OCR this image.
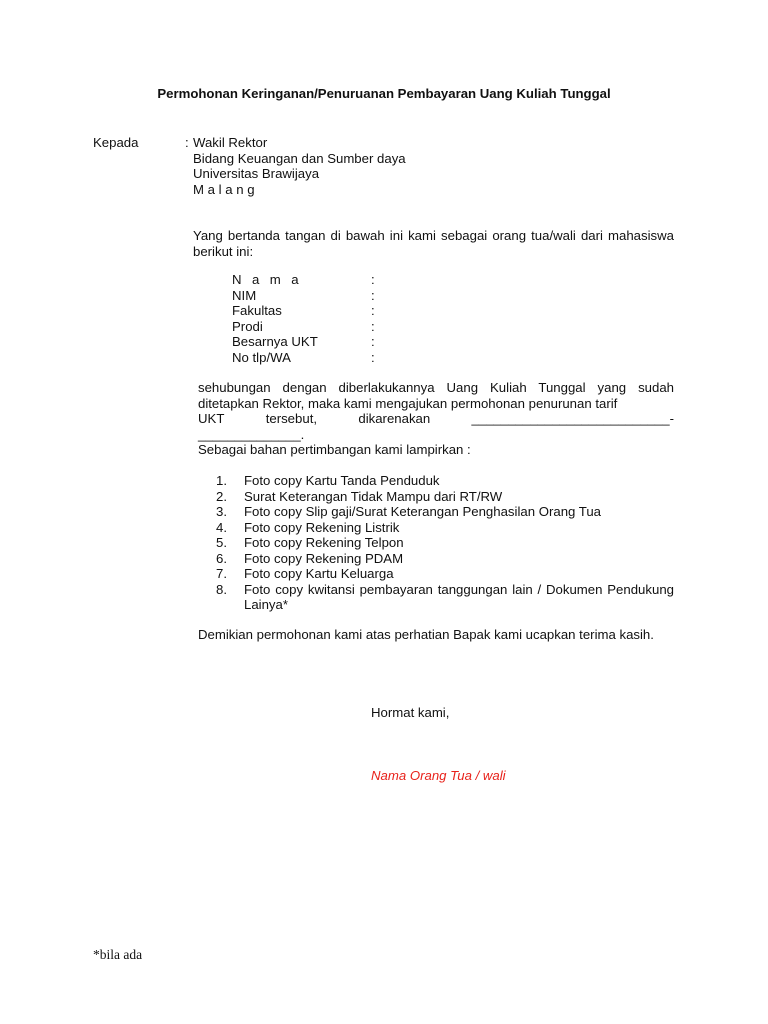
Permohonan Keringanan/Penuruanan Pembayaran Uang Kuliah Tunggal
Kepada	: Wakil Rektor
Bidang Keuangan dan Sumber daya
Universitas Brawijaya
M a l a n g
Yang bertanda tangan di bawah ini kami sebagai orang tua/wali dari mahasiswa berikut ini:
N a m a	:
NIM	:
Fakultas	:
Prodi	:
Besarnya UKT	:
No tlp/WA	:
sehubungan dengan diberlakukannya Uang Kuliah Tunggal yang sudah ditetapkan Rektor, maka kami mengajukan permohonan penurunan tarif
UKT	tersebut,	dikarenakan	___________________________-
______________.
Sebagai bahan pertimbangan kami lampirkan :
1.	Foto copy Kartu Tanda Penduduk
2.	Surat Keterangan Tidak Mampu dari RT/RW
3.	Foto copy Slip gaji/Surat Keterangan Penghasilan Orang Tua
4.	Foto copy Rekening Listrik
5.	Foto copy Rekening Telpon
6.	Foto copy Rekening PDAM
7.	Foto copy Kartu Keluarga
8.	Foto copy kwitansi pembayaran tanggungan lain / Dokumen Pendukung Lainya*
Demikian permohonan kami atas perhatian Bapak kami ucapkan terima kasih.
Hormat kami,
Nama Orang Tua / wali
*bila ada
